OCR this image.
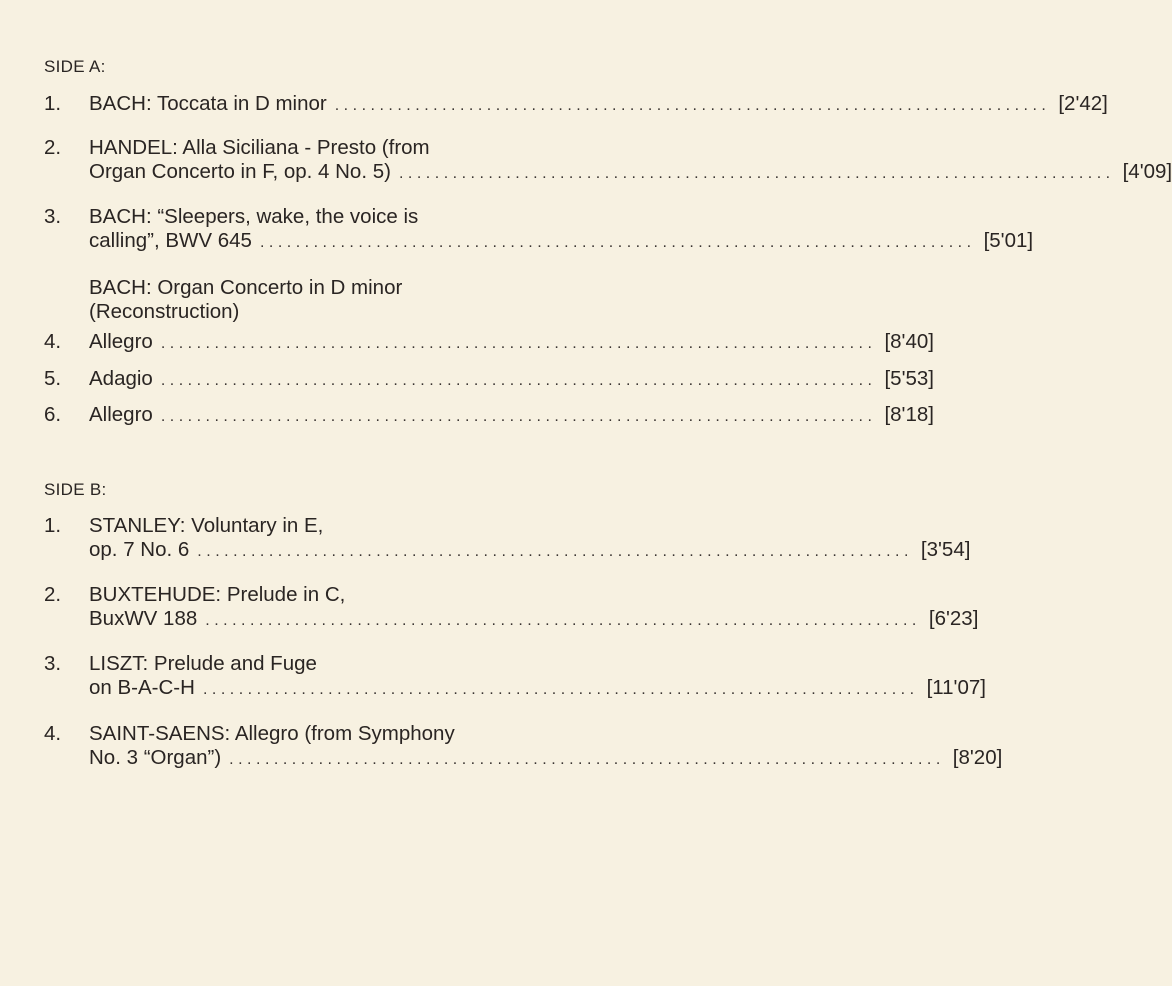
SIDE A:
1. BACH: Toccata in D minor ................................................................................ [2'42]
2. HANDEL: Alla Siciliana - Presto (from
Organ Concerto in F, op. 4 No. 5) ................................................................................ [4'09]
3. BACH: “Sleepers, wake, the voice is
calling”, BWV 645 ................................................................................ [5'01]
BACH: Organ Concerto in D minor
(Reconstruction)
4. Allegro ................................................................................ [8'40]
5. Adagio ................................................................................ [5'53]
6. Allegro ................................................................................ [8'18]
SIDE B:
1. STANLEY: Voluntary in E,
op. 7 No. 6 ................................................................................ [3'54]
2. BUXTEHUDE: Prelude in C,
BuxWV 188 ................................................................................ [6'23]
3. LISZT: Prelude and Fuge
on B-A-C-H ................................................................................ [11'07]
4. SAINT-SAENS: Allegro (from Symphony
No. 3 “Organ”) ................................................................................ [8'20]
